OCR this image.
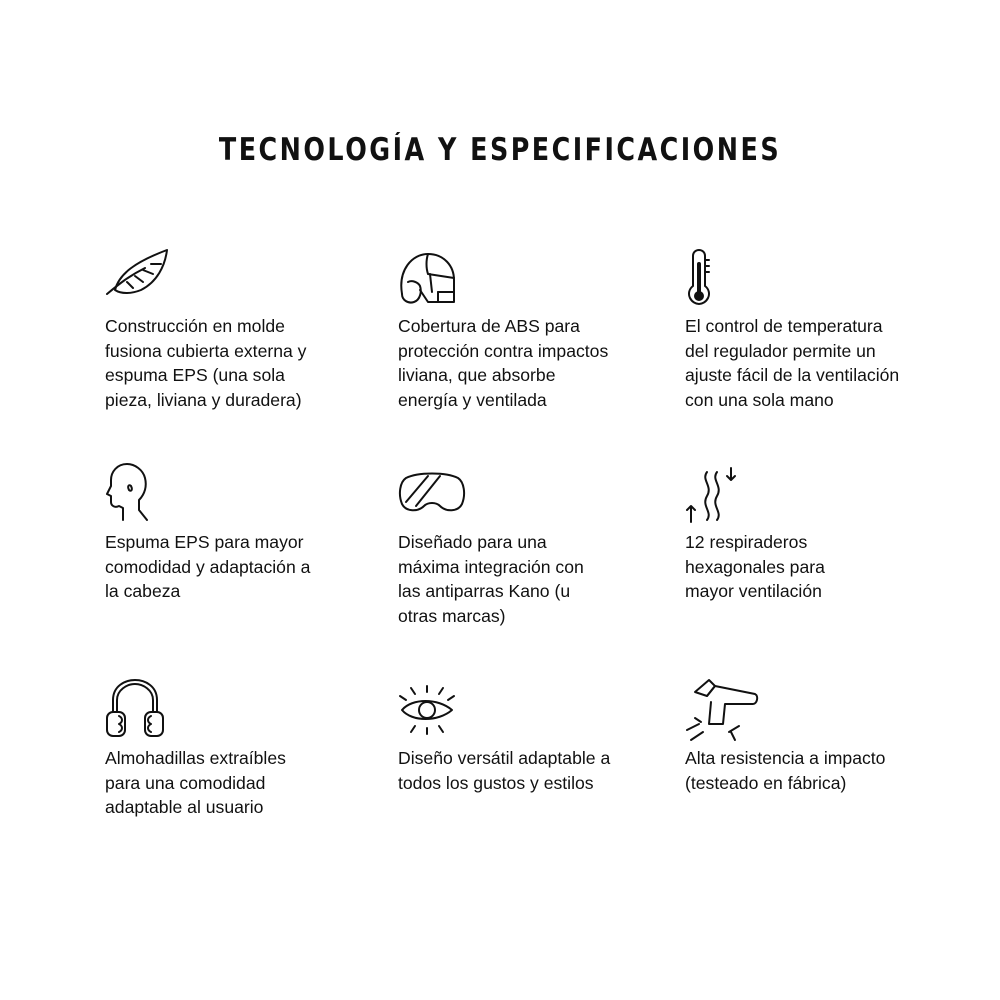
TECNOLOGÍA Y ESPECIFICACIONES

Construcción en molde
fusiona cubierta externa y
espuma EPS (una sola
pieza, liviana y duradera)

Cobertura de ABS para
protección contra impactos
liviana, que absorbe
energía y ventilada

El control de temperatura
del regulador permite un
ajuste fácil de la ventilación
con una sola mano

Espuma EPS para mayor
comodidad y adaptación a
la cabeza

Diseñado para una
máxima integración con
las antiparras Kano (u
otras marcas)

12 respiraderos
hexagonales para
mayor ventilación

Almohadillas extraíbles
para una comodidad
adaptable al usuario

Diseño versátil adaptable a
todos los gustos y estilos

Alta resistencia a impacto
(testeado en fábrica)
